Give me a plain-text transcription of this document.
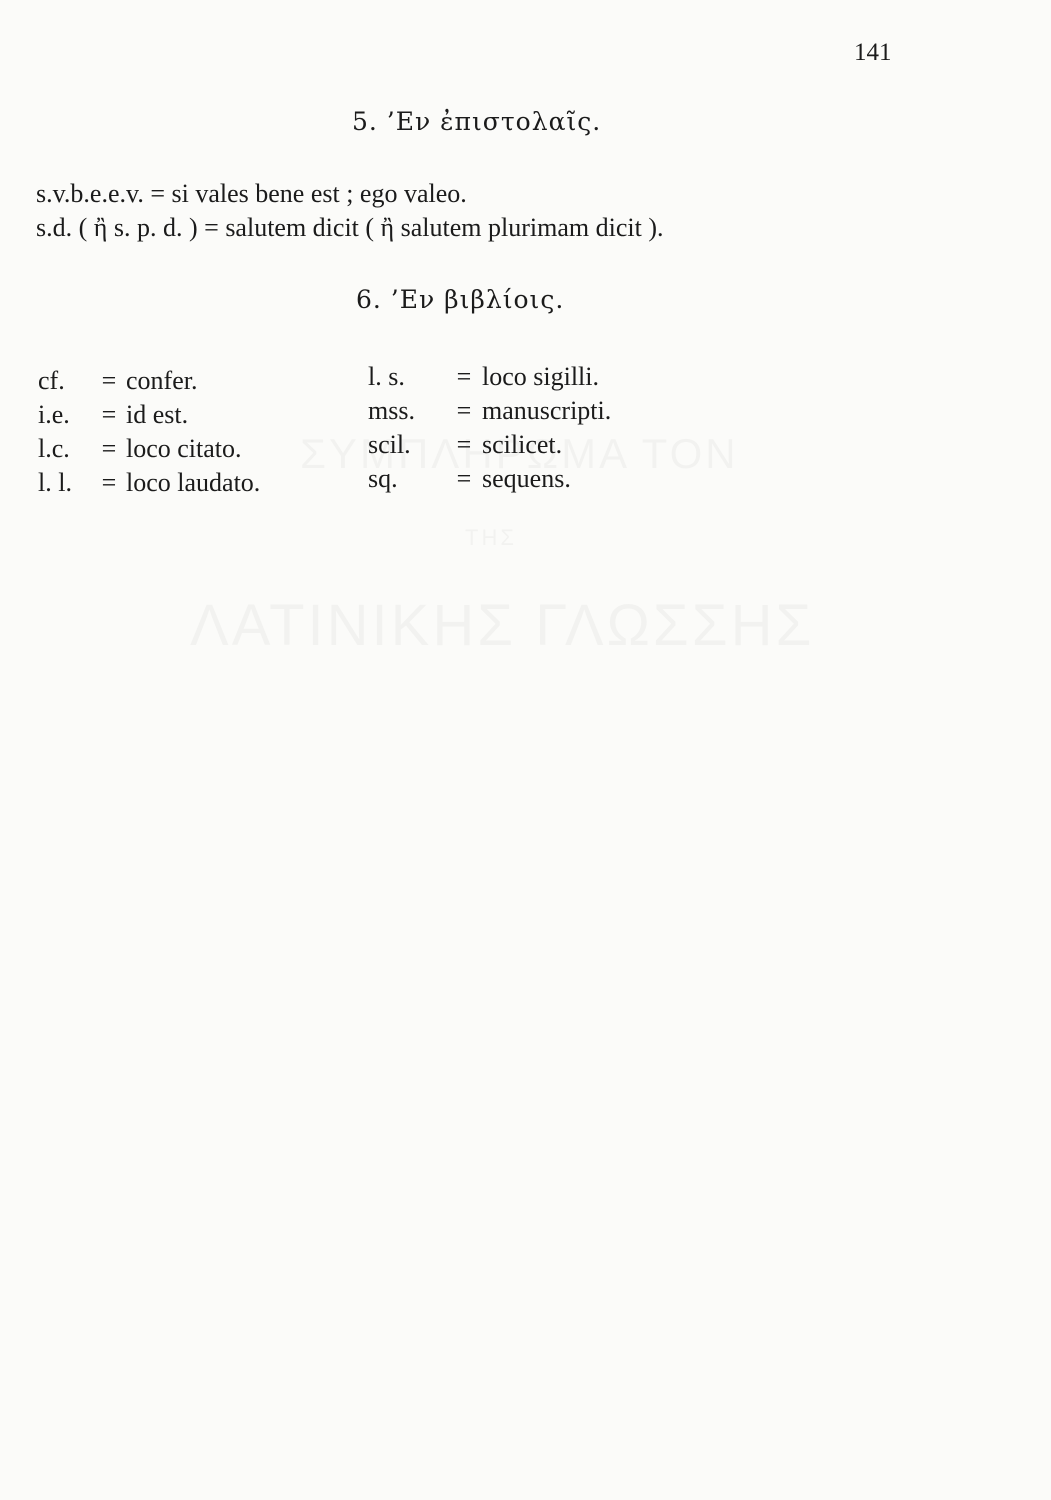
141
5. ’Εν ἐπιστολαῖς.
s.v.b.e.e.v. = si vales bene est ; ego valeo.
s.d. ( ἢ s. p. d. ) = salutem dicit ( ἢ salutem plurimam dicit ).
6. ’Εν βιβλίοις.
cf.	= confer.
i.e.	= id est.
l.c.	= loco citato.
l. l.	= loco laudato.
l. s.	= loco sigilli.
mss.	= manuscripti.
scil.	= scilicet.
sq.	= sequens.
